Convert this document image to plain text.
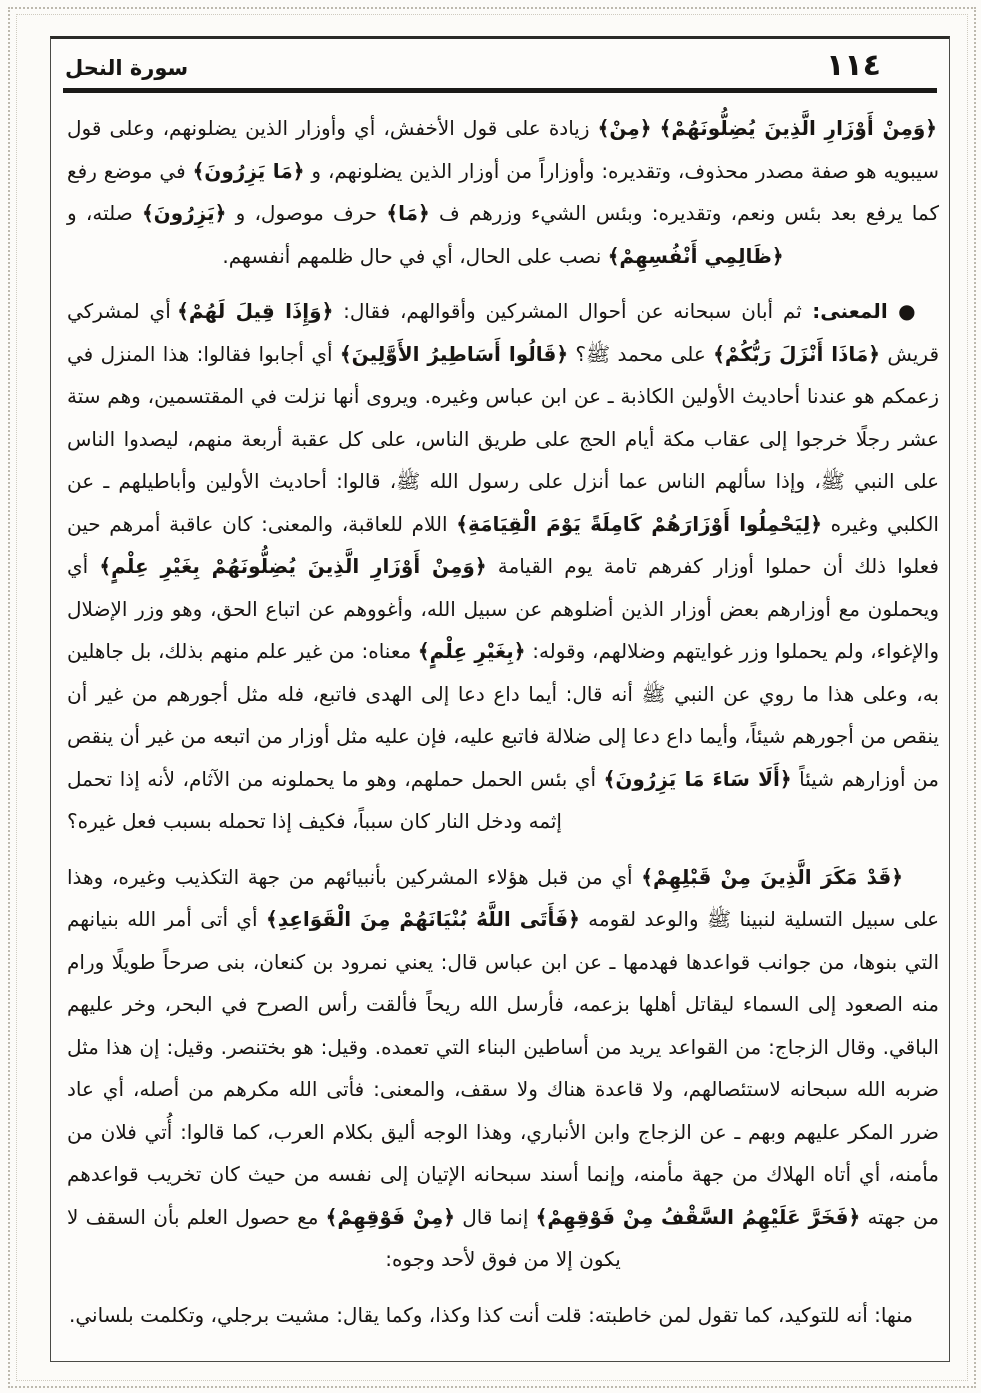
سورة النحل	١١٤

﴿وَمِنْ أَوْزَارِ الَّذِينَ يُضِلُّونَهُمْ﴾ ﴿مِنْ﴾ زيادة على قول الأخفش، أي وأوزار الذين يضلونهم، وعلى قول سيبويه هو صفة مصدر محذوف، وتقديره: وأوزاراً من أوزار الذين يضلونهم، و ﴿مَا يَزِرُونَ﴾ في موضع رفع كما يرفع بعد بئس ونعم، وتقديره: وبئس الشيء وزرهم ف ﴿مَا﴾ حرف موصول، و ﴿يَزِرُونَ﴾ صلته، و ﴿ظَالِمِي أَنْفُسِهِمْ﴾ نصب على الحال، أي في حال ظلمهم أنفسهم.

● المعنى: ثم أبان سبحانه عن أحوال المشركين وأقوالهم، فقال: ﴿وَإِذَا قِيلَ لَهُمْ﴾ أي لمشركي قريش ﴿مَاذَا أَنْزَلَ رَبُّكُمْ﴾ على محمد ﷺ؟ ﴿قَالُوا أَسَاطِيرُ الأَوَّلِينَ﴾ أي أجابوا فقالوا: هذا المنزل في زعمكم هو عندنا أحاديث الأولين الكاذبة ـ عن ابن عباس وغيره. ويروى أنها نزلت في المقتسمين، وهم ستة عشر رجلًا خرجوا إلى عقاب مكة أيام الحج على طريق الناس، على كل عقبة أربعة منهم، ليصدوا الناس على النبي ﷺ، وإذا سألهم الناس عما أنزل على رسول الله ﷺ، قالوا: أحاديث الأولين وأباطيلهم ـ عن الكلبي وغيره ﴿لِيَحْمِلُوا أَوْزَارَهُمْ كَامِلَةً يَوْمَ الْقِيَامَةِ﴾ اللام للعاقبة، والمعنى: كان عاقبة أمرهم حين فعلوا ذلك أن حملوا أوزار كفرهم تامة يوم القيامة ﴿وَمِنْ أَوْزَارِ الَّذِينَ يُضِلُّونَهُمْ بِغَيْرِ عِلْمٍ﴾ أي ويحملون مع أوزارهم بعض أوزار الذين أضلوهم عن سبيل الله، وأغووهم عن اتباع الحق، وهو وزر الإضلال والإغواء، ولم يحملوا وزر غوايتهم وضلالهم، وقوله: ﴿بِغَيْرِ عِلْمٍ﴾ معناه: من غير علم منهم بذلك، بل جاهلين به، وعلى هذا ما روي عن النبي ﷺ أنه قال: أيما داع دعا إلى الهدى فاتبع، فله مثل أجورهم من غير أن ينقص من أجورهم شيئاً، وأيما داع دعا إلى ضلالة فاتبع عليه، فإن عليه مثل أوزار من اتبعه من غير أن ينقص من أوزارهم شيئاً ﴿أَلَا سَاءَ مَا يَزِرُونَ﴾ أي بئس الحمل حملهم، وهو ما يحملونه من الآثام، لأنه إذا تحمل إثمه ودخل النار كان سبباً، فكيف إذا تحمله بسبب فعل غيره؟

﴿قَدْ مَكَرَ الَّذِينَ مِنْ قَبْلِهِمْ﴾ أي من قبل هؤلاء المشركين بأنبيائهم من جهة التكذيب وغيره، وهذا على سبيل التسلية لنبينا ﷺ والوعد لقومه ﴿فَأَتَى اللَّهُ بُنْيَانَهُمْ مِنَ الْقَوَاعِدِ﴾ أي أتى أمر الله بنيانهم التي بنوها، من جوانب قواعدها فهدمها ـ عن ابن عباس قال: يعني نمرود بن كنعان، بنى صرحاً طويلًا ورام منه الصعود إلى السماء ليقاتل أهلها بزعمه، فأرسل الله ريحاً فألقت رأس الصرح في البحر، وخر عليهم الباقي. وقال الزجاج: من القواعد يريد من أساطين البناء التي تعمده. وقيل: هو بختنصر. وقيل: إن هذا مثل ضربه الله سبحانه لاستئصالهم، ولا قاعدة هناك ولا سقف، والمعنى: فأتى الله مكرهم من أصله، أي عاد ضرر المكر عليهم وبهم ـ عن الزجاج وابن الأنباري، وهذا الوجه أليق بكلام العرب، كما قالوا: أُتي فلان من مأمنه، أي أتاه الهلاك من جهة مأمنه، وإنما أسند سبحانه الإتيان إلى نفسه من حيث كان تخريب قواعدهم من جهته ﴿فَخَرَّ عَلَيْهِمُ السَّقْفُ مِنْ فَوْقِهِمْ﴾ إنما قال ﴿مِنْ فَوْقِهِمْ﴾ مع حصول العلم بأن السقف لا يكون إلا من فوق لأحد وجوه:

منها: أنه للتوكيد، كما تقول لمن خاطبته: قلت أنت كذا وكذا، وكما يقال: مشيت برجلي، وتكلمت بلساني.
